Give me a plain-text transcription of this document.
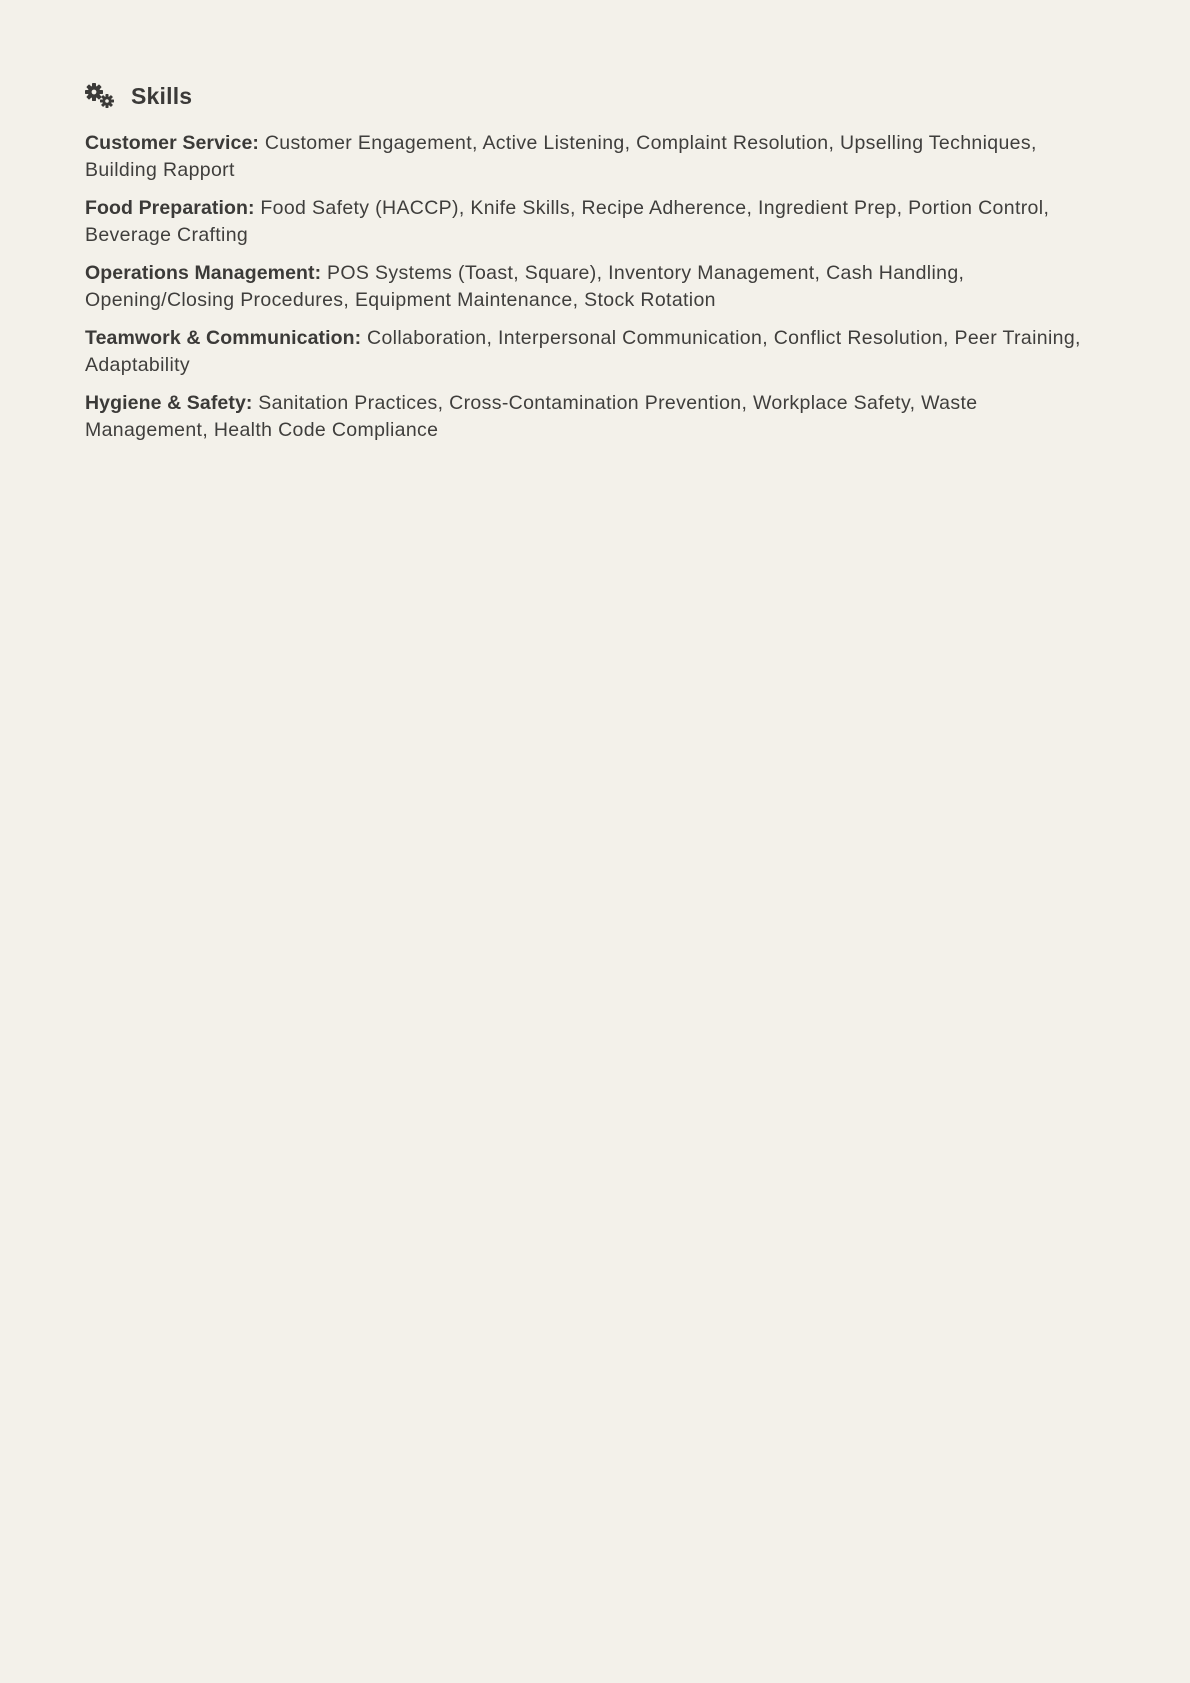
Skills

Customer Service: Customer Engagement, Active Listening, Complaint Resolution, Upselling Techniques, Building Rapport

Food Preparation: Food Safety (HACCP), Knife Skills, Recipe Adherence, Ingredient Prep, Portion Control, Beverage Crafting

Operations Management: POS Systems (Toast, Square), Inventory Management, Cash Handling, Opening/Closing Procedures, Equipment Maintenance, Stock Rotation

Teamwork & Communication: Collaboration, Interpersonal Communication, Conflict Resolution, Peer Training, Adaptability

Hygiene & Safety: Sanitation Practices, Cross-Contamination Prevention, Workplace Safety, Waste Management, Health Code Compliance
